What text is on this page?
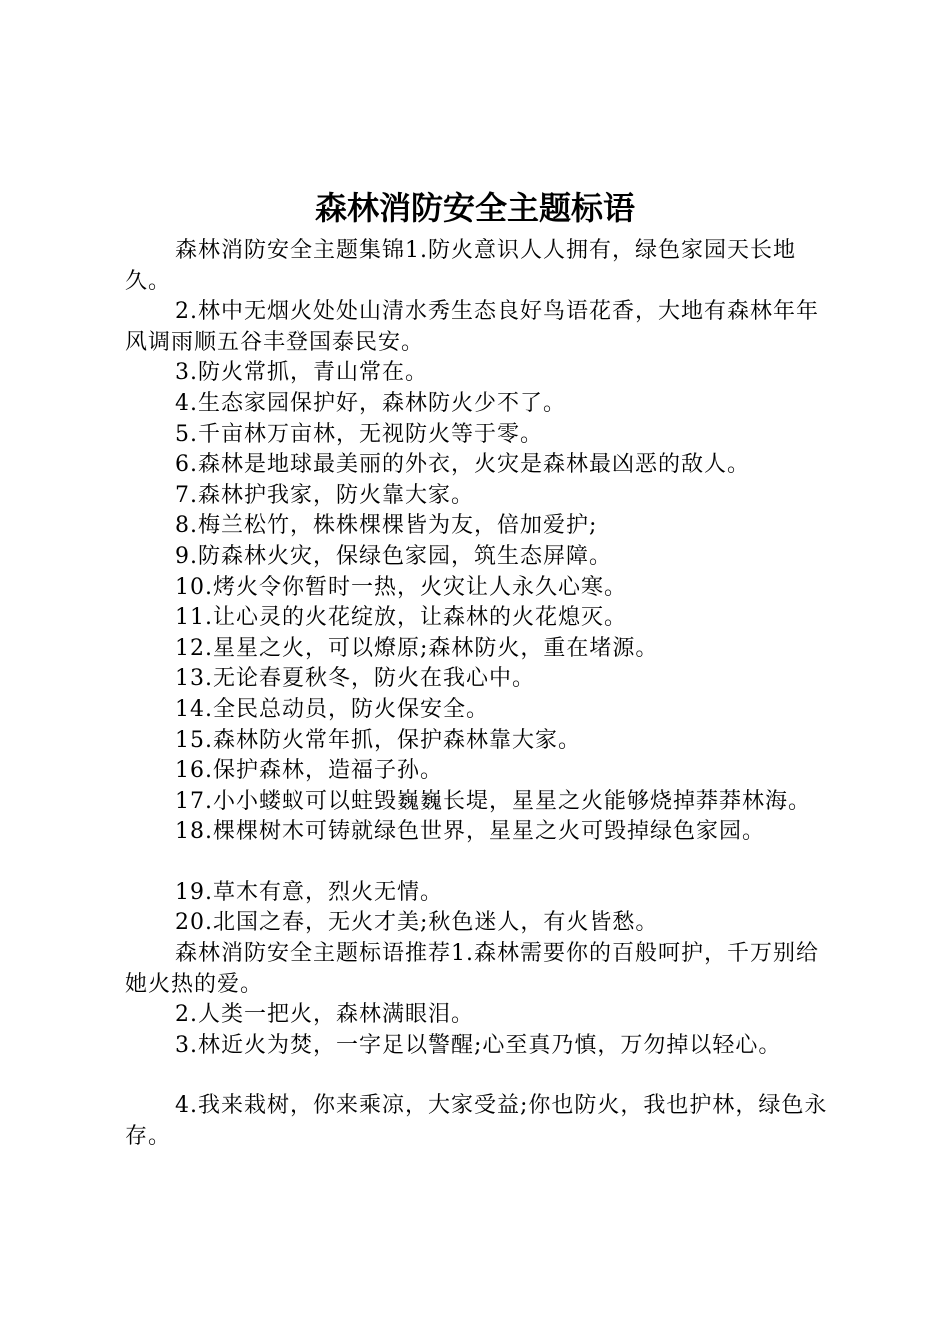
森林消防安全主题标语

森林消防安全主题集锦1.防火意识人人拥有，绿色家园天长地久。

2.林中无烟火处处山清水秀生态良好鸟语花香，大地有森林年年风调雨顺五谷丰登国泰民安。

3.防火常抓，青山常在。

4.生态家园保护好，森林防火少不了。

5.千亩林万亩林，无视防火等于零。

6.森林是地球最美丽的外衣，火灾是森林最凶恶的敌人。

7.森林护我家，防火靠大家。

8.梅兰松竹，株株棵棵皆为友，倍加爱护;

9.防森林火灾，保绿色家园，筑生态屏障。

10.烤火令你暂时一热，火灾让人永久心寒。

11.让心灵的火花绽放，让森林的火花熄灭。

12.星星之火，可以燎原;森林防火，重在堵源。

13.无论春夏秋冬，防火在我心中。

14.全民总动员，防火保安全。

15.森林防火常年抓，保护森林靠大家。

16.保护森林，造福子孙。

17.小小蝼蚁可以蛀毁巍巍长堤，星星之火能够烧掉莽莽林海。

18.棵棵树木可铸就绿色世界，星星之火可毁掉绿色家园。

19.草木有意，烈火无情。

20.北国之春，无火才美;秋色迷人，有火皆愁。

森林消防安全主题标语推荐1.森林需要你的百般呵护，千万别给她火热的爱。

2.人类一把火，森林满眼泪。

3.林近火为焚，一字足以警醒;心至真乃慎，万勿掉以轻心。

4.我来栽树，你来乘凉，大家受益;你也防火，我也护林，绿色永存。
